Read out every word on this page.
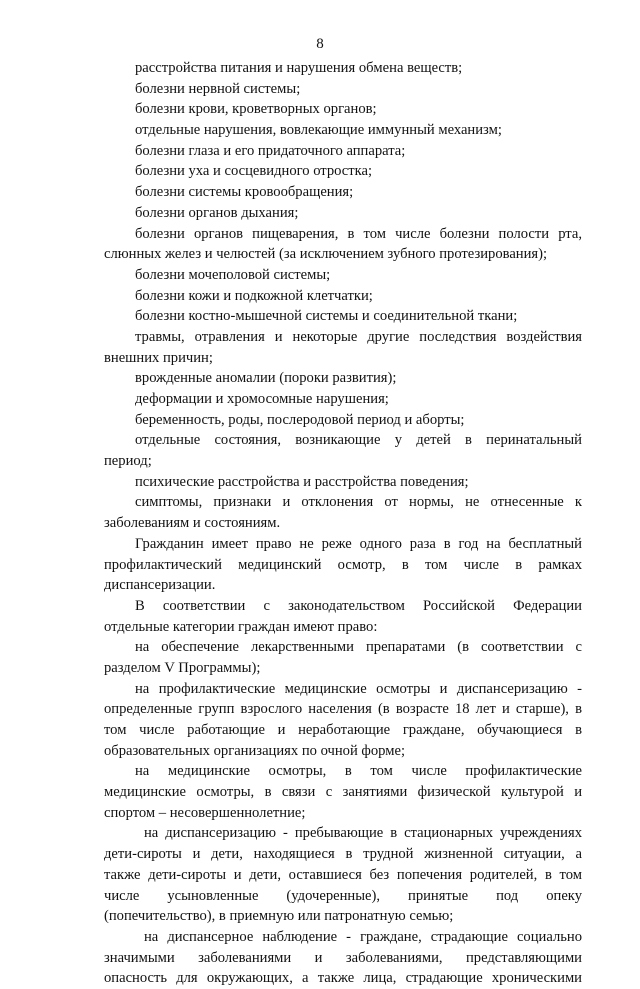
8
расстройства питания и нарушения обмена веществ;
болезни нервной системы;
болезни крови, кроветворных органов;
отдельные нарушения, вовлекающие иммунный механизм;
болезни глаза и его придаточного аппарата;
болезни уха и сосцевидного отростка;
болезни системы кровообращения;
болезни органов дыхания;
болезни органов пищеварения, в том числе болезни полости рта,
слюнных желез и челюстей (за исключением зубного протезирования);
болезни мочеполовой системы;
болезни кожи и подкожной клетчатки;
болезни костно-мышечной системы и соединительной ткани;
травмы, отравления и некоторые другие последствия воздействия
внешних причин;
врожденные аномалии (пороки развития);
деформации и хромосомные нарушения;
беременность, роды, послеродовой период и аборты;
отдельные состояния, возникающие у детей в перинатальный
период;
психические расстройства и расстройства поведения;
симптомы, признаки и отклонения от нормы, не отнесенные к
заболеваниям и состояниям.
Гражданин имеет право не реже одного раза в год на бесплатный
профилактический медицинский осмотр, в том числе в рамках
диспансеризации.
В соответствии с законодательством Российской Федерации
отдельные категории граждан имеют право:
на обеспечение лекарственными препаратами (в соответствии с
разделом V Программы);
на профилактические медицинские осмотры и диспансеризацию -
определенные групп взрослого населения (в возрасте 18 лет и старше), в
том числе работающие и неработающие граждане, обучающиеся в
образовательных организациях по очной форме;
на медицинские осмотры, в том числе профилактические
медицинские осмотры, в связи с занятиями физической культурой и
спортом – несовершеннолетние;
на диспансеризацию - пребывающие в стационарных учреждениях
дети-сироты и дети, находящиеся в трудной жизненной ситуации, а
также дети-сироты и дети, оставшиеся без попечения родителей, в том
числе усыновленные (удочеренные), принятые под опеку
(попечительство), в приемную или патронатную семью;
на диспансерное наблюдение - граждане, страдающие социально
значимыми заболеваниями и заболеваниями, представляющими
опасность для окружающих, а также лица, страдающие хроническими
